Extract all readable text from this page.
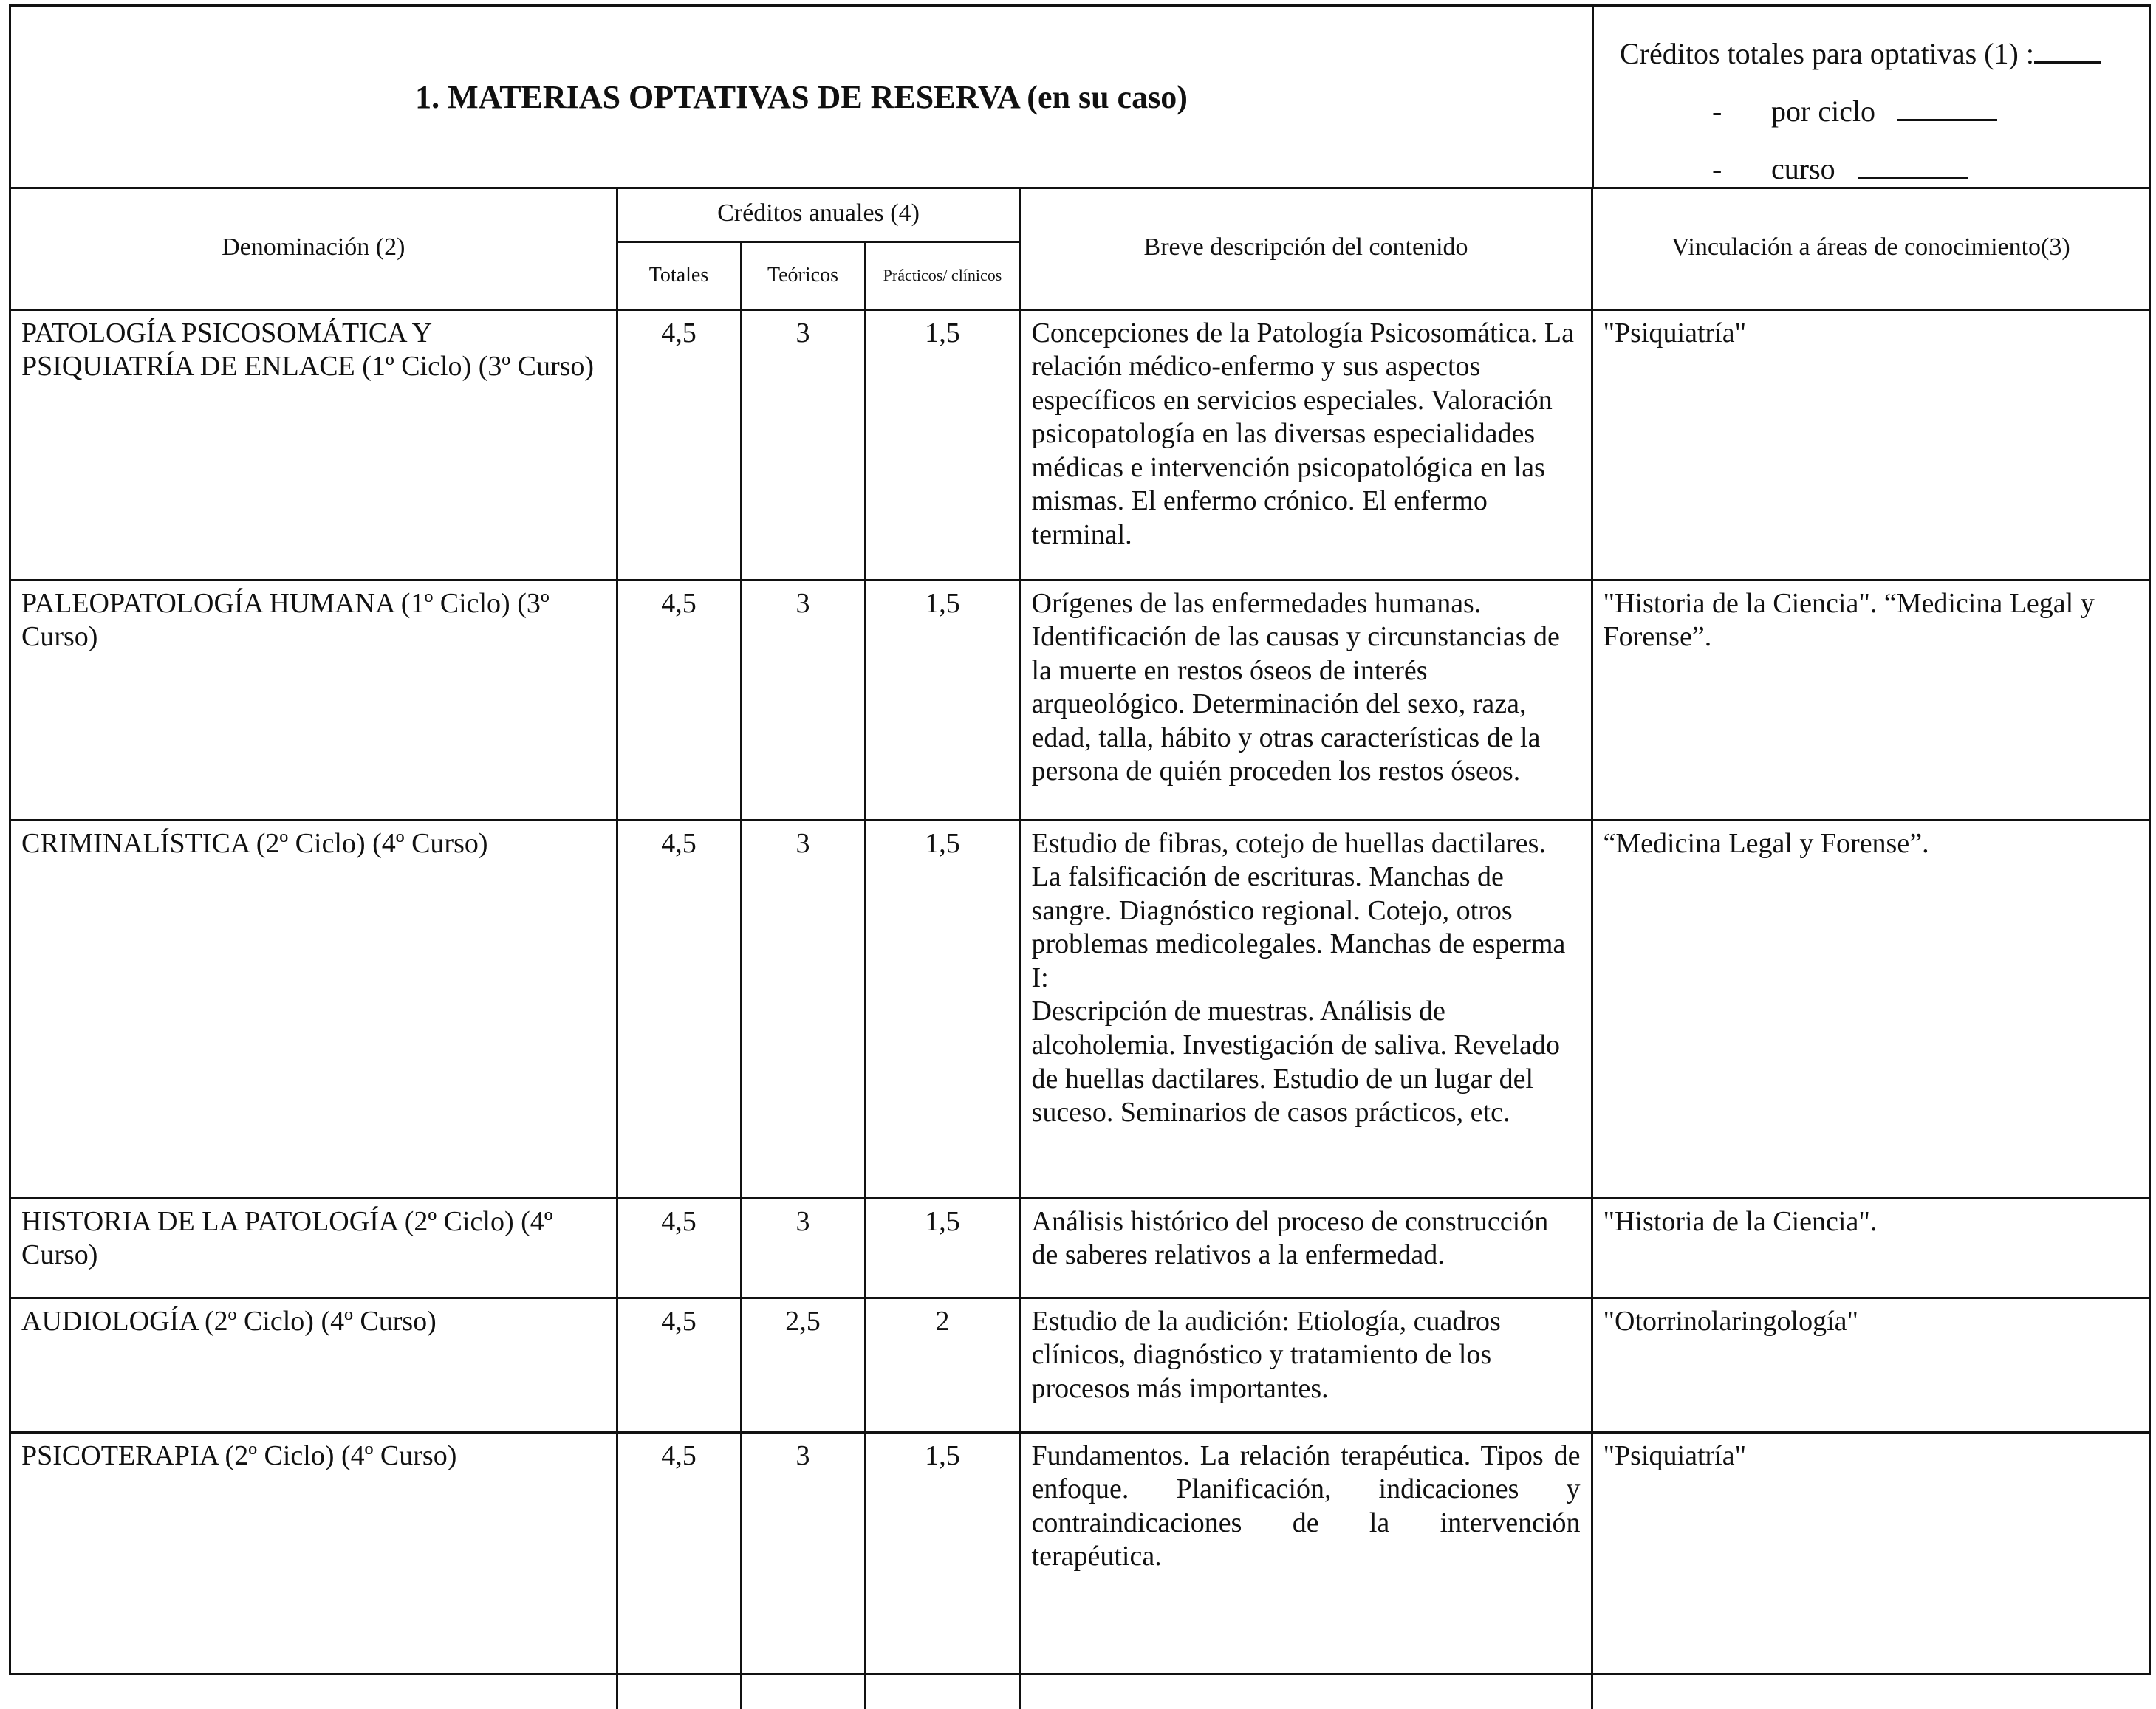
1. MATERIAS OPTATIVAS DE RESERVA (en su caso)
Créditos totales para optativas (1) :
- por ciclo
- curso
Denominación (2)	Créditos anuales (4)			Breve descripción del contenido	Vinculación a áreas de conocimiento(3)
	Totales	Teóricos	Prácticos/ clínicos		
PATOLOGÍA PSICOSOMÁTICA Y PSIQUIATRÍA DE ENLACE (1º Ciclo) (3º Curso)	4,5	3	1,5	Concepciones de la Patología Psicosomática. La relación médico-enfermo y sus aspectos específicos en servicios especiales. Valoración psicopatología en las diversas especialidades médicas e intervención psicopatológica en las mismas. El enfermo crónico. El enfermo terminal.	"Psiquiatría"
PALEOPATOLOGÍA HUMANA (1º Ciclo) (3º Curso)	4,5	3	1,5	Orígenes de las enfermedades humanas. Identificación de las causas y circunstancias de la muerte en restos óseos de interés arqueológico. Determinación del sexo, raza, edad, talla, hábito y otras características de la persona de quién proceden los restos óseos.	"Historia de la Ciencia". “Medicina Legal y Forense”.
CRIMINALÍSTICA (2º Ciclo) (4º Curso)	4,5	3	1,5	Estudio de fibras, cotejo de huellas dactilares. La falsificación de escrituras. Manchas de sangre. Diagnóstico regional. Cotejo, otros problemas medicolegales. Manchas de esperma I:
Descripción de muestras. Análisis de alcoholemia. Investigación de saliva. Revelado de huellas dactilares. Estudio de un lugar del suceso. Seminarios de casos prácticos, etc.	“Medicina Legal y Forense”.
HISTORIA DE LA PATOLOGÍA (2º Ciclo) (4º Curso)	4,5	3	1,5	Análisis histórico del proceso de construcción de saberes relativos a la enfermedad.	"Historia de la Ciencia".
AUDIOLOGÍA (2º Ciclo) (4º Curso)	4,5	2,5	2	Estudio de la audición: Etiología, cuadros clínicos, diagnóstico y tratamiento de los procesos más importantes.	"Otorrinolaringología"
PSICOTERAPIA (2º Ciclo) (4º Curso)	4,5	3	1,5	Fundamentos. La relación terapéutica. Tipos de enfoque. Planificación, indicaciones y contraindicaciones de la intervención terapéutica.	"Psiquiatría"
